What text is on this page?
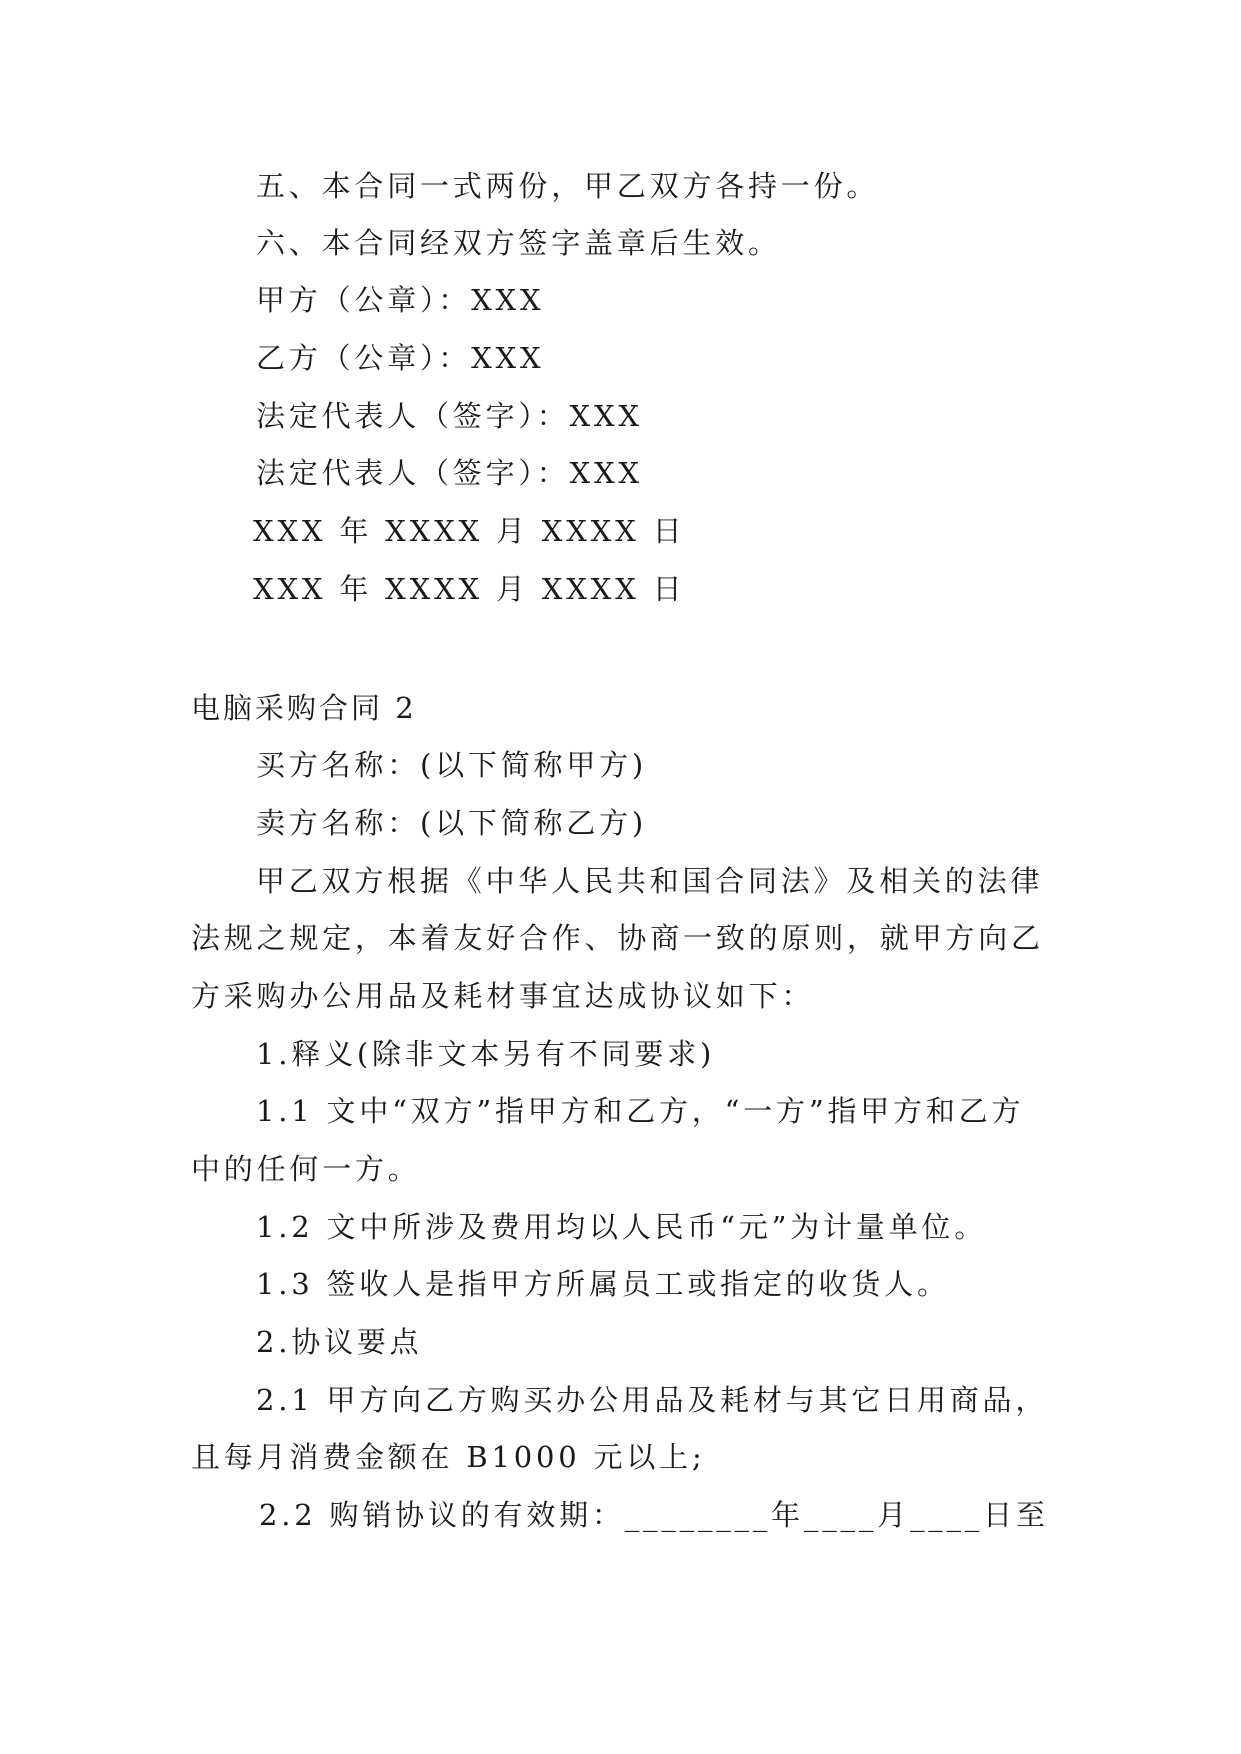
五、本合同一式两份，甲乙双方各持一份。
六、本合同经双方签字盖章后生效。
甲方（公章）：XXX
乙方（公章）：XXX
法定代表人（签字）：XXX
法定代表人（签字）：XXX
XXX 年 XXXX 月 XXXX 日
XXX 年 XXXX 月 XXXX 日
电脑采购合同 2
买方名称：(以下简称甲方)
卖方名称：(以下简称乙方)
甲乙双方根据《中华人民共和国合同法》及相关的法律
法规之规定，本着友好合作、协商一致的原则，就甲方向乙
方采购办公用品及耗材事宜达成协议如下：
1.释义(除非文本另有不同要求)
1.1 文中“双方”指甲方和乙方，“一方”指甲方和乙方
中的任何一方。
1.2 文中所涉及费用均以人民币“元”为计量单位。
1.3 签收人是指甲方所属员工或指定的收货人。
2.协议要点
2.1 甲方向乙方购买办公用品及耗材与其它日用商品，
且每月消费金额在 B1000 元以上;
2.2 购销协议的有效期：________年____月____日至
